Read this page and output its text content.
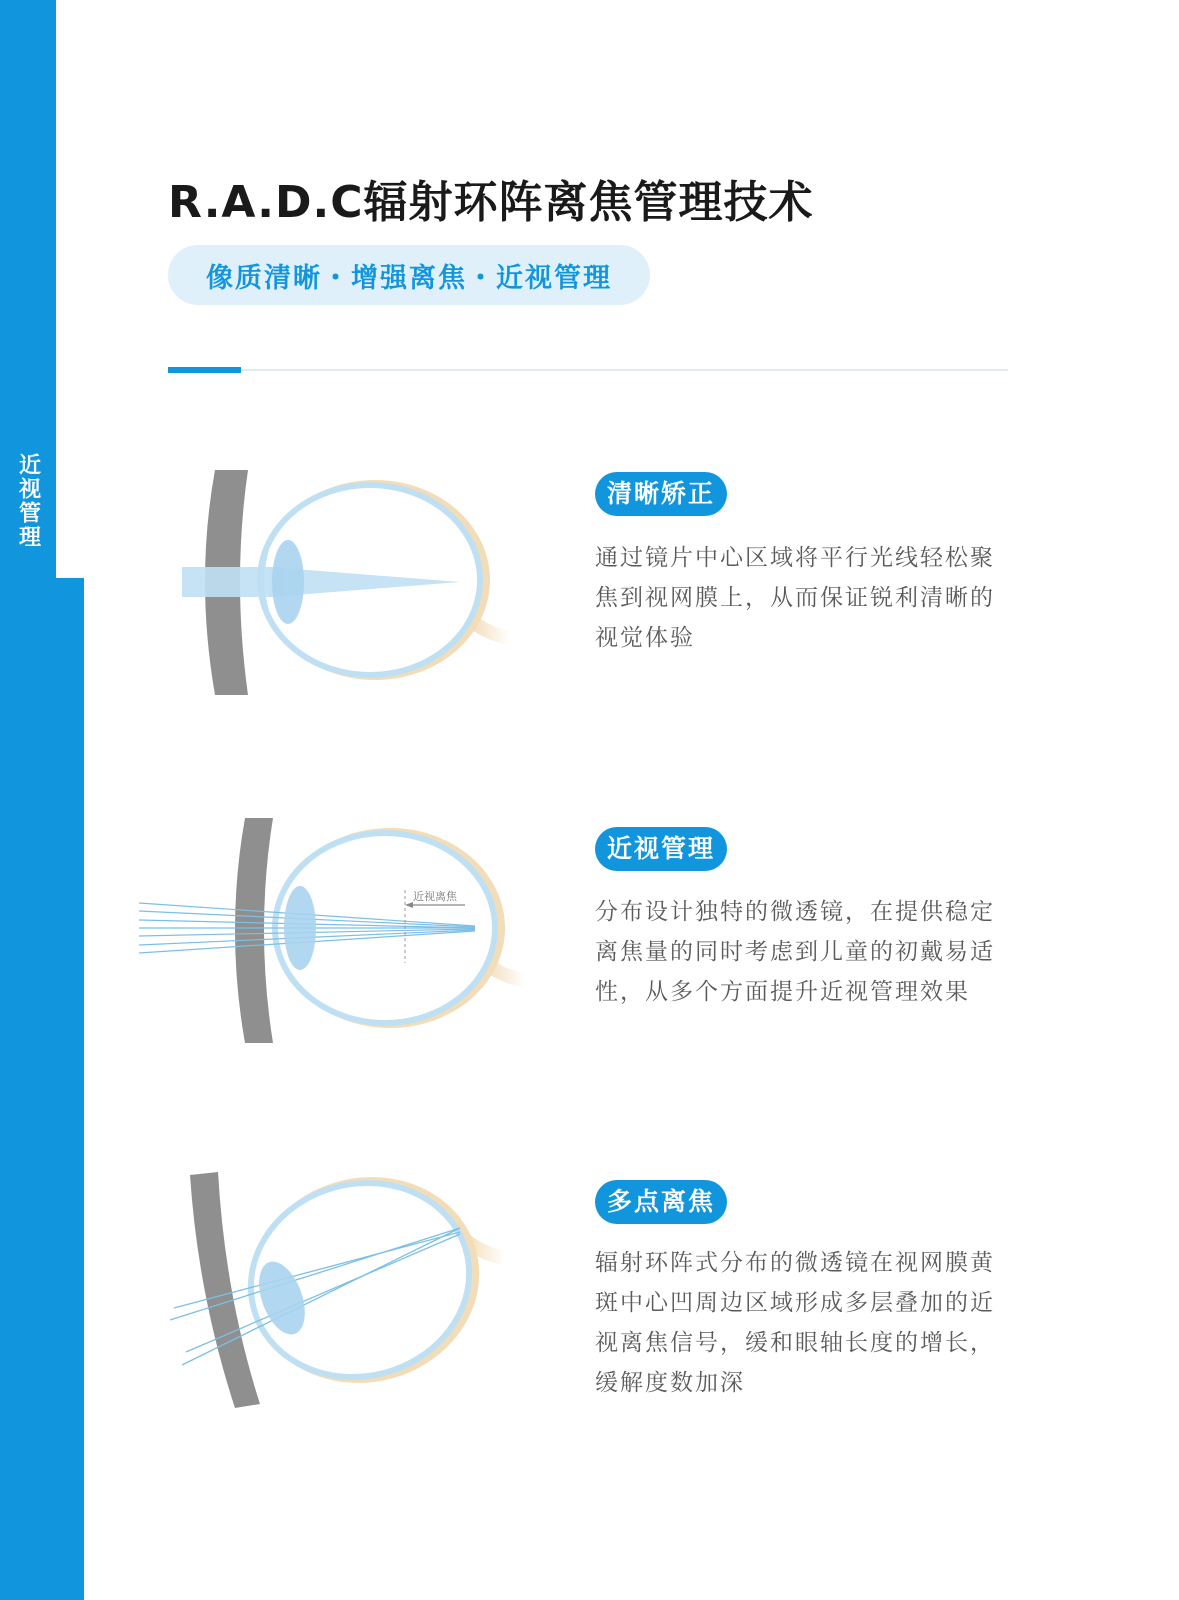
近视管理
R.A.D.C辐射环阵离焦管理技术
像质清晰・增强离焦・近视管理
清晰矫正

通过镜片中心区域将平行光线轻松聚焦到视网膜上，从而保证锐利清晰的视觉体验

近视离焦
近视管理

分布设计独特的微透镜，在提供稳定离焦量的同时考虑到儿童的初戴易适性，从多个方面提升近视管理效果

多点离焦

辐射环阵式分布的微透镜在视网膜黄斑中心凹周边区域形成多层叠加的近视离焦信号，缓和眼轴长度的增长，缓解度数加深
